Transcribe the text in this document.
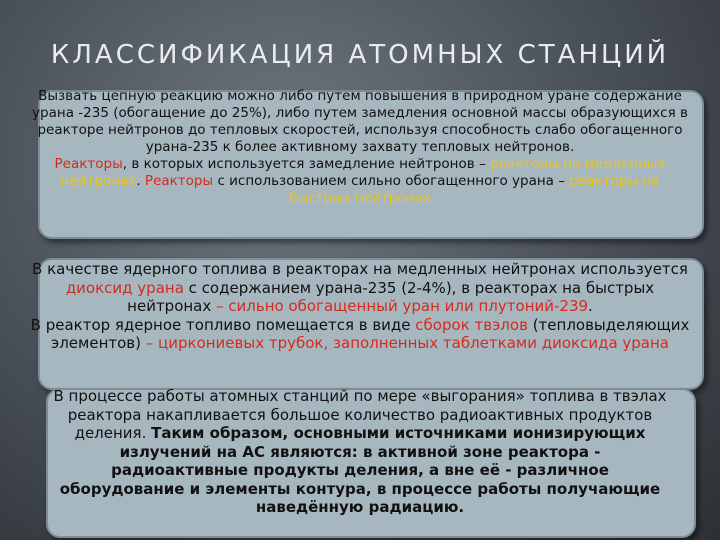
КЛАССИФИКАЦИЯ АТОМНЫХ СТАНЦИЙ
Вызвать цепную реакцию можно либо путем повышения в природном уране содержание урана -235 (обогащение до 25%), либо путем замедления основной массы образующихся в реакторе нейтронов до тепловых скоростей, используя способность слабо обогащенного урана-235 к более активному захвату тепловых нейтронов.
Реакторы, в которых используется замедление нейтронов – реакторы на медленных нейтронах. Реакторы с использованием сильно обогащенного урана – реакторы на быстрых нейтронах
В качестве ядерного топлива в реакторах на медленных нейтронах используется диоксид урана с содержанием урана-235 (2-4%), в реакторах на быстрых нейтронах – сильно обогащенный уран или плутоний-239.
В реактор ядерное топливо помещается в виде сборок твэлов (тепловыделяющих элементов) – циркониевых трубок, заполненных таблетками диоксида урана
В процессе работы атомных станций по мере «выгорания» топлива в твэлах реактора накапливается большое количество радиоактивных продуктов деления. Таким образом, основными источниками ионизирующих излучений на АС являются: в активной зоне реактора - радиоактивные продукты деления, а вне её - различное оборудование и элементы контура, в процессе работы получающие наведённую радиацию.
